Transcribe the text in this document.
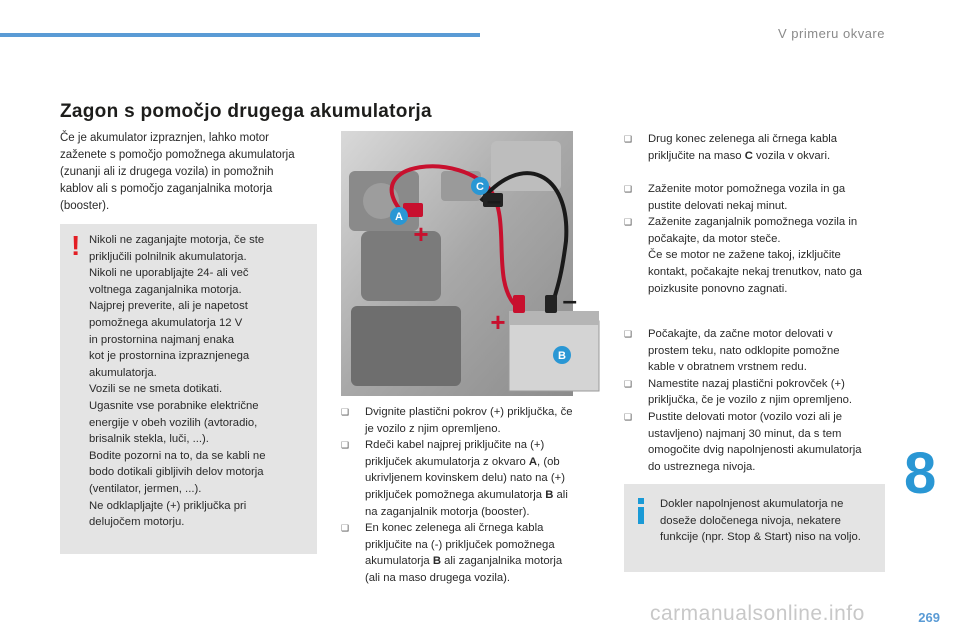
V primeru okvare
Zagon s pomočjo drugega akumulatorja
Če je akumulator izpraznjen, lahko motor
zaženete s pomočjo pomožnega akumulatorja
(zunanji ali iz drugega vozila) in pomožnih
kablov ali s pomočjo zaganjalnika motorja
(booster).
! Nikoli ne zaganjajte motorja, če ste
priključili polnilnik akumulatorja.
Nikoli ne uporabljajte 24- ali več
voltnega zaganjalnika motorja.
Najprej preverite, ali je napetost
pomožnega akumulatorja 12 V
in prostornina najmanj enaka
kot je prostornina izpraznjenega
akumulatorja.
Vozili se ne smeta dotikati.
Ugasnite vse porabnike električne
energije v obeh vozilih (avtoradio,
brisalnik stekla, luči, ...).
Bodite pozorni na to, da se kabli ne
bodo dotikali gibljivih delov motorja
(ventilator, jermen, ...).
Ne odklapljajte (+) priključka pri
delujočem motorju.
A
C
B
+
–
+
–
❑ Dvignite plastični pokrov (+) priključka, če
je vozilo z njim opremljeno.
❑ Rdeči kabel najprej priključite na (+)
priključek akumulatorja z okvaro A, (ob
ukrivljenem kovinskem delu) nato na (+)
priključek pomožnega akumulatorja B ali
na zaganjalnik motorja (booster).
❑ En konec zelenega ali črnega kabla
priključite na (-) priključek pomožnega
akumulatorja B ali zaganjalnika motorja
(ali na maso drugega vozila).
❑ Drug konec zelenega ali črnega kabla
priključite na maso C vozila v okvari.
❑ Zaženite motor pomožnega vozila in ga
pustite delovati nekaj minut.
❑ Zaženite zaganjalnik pomožnega vozila in
počakajte, da motor steče.
Če se motor ne zažene takoj, izključite
kontakt, počakajte nekaj trenutkov, nato ga
poizkusite ponovno zagnati.
❑ Počakajte, da začne motor delovati v
prostem teku, nato odklopite pomožne
kable v obratnem vrstnem redu.
❑ Namestite nazaj plastični pokrovček (+)
priključka, če je vozilo z njim opremljeno.
❑ Pustite delovati motor (vozilo vozi ali je
ustavljeno) najmanj 30 minut, da s tem
omogočite dvig napolnjenosti akumulatorja
do ustreznega nivoja.
Dokler napolnjenost akumulatorja ne
doseže določenega nivoja, nekatere
funkcije (npr. Stop & Start) niso na voljo.
8
carmanualsonline.info	269
